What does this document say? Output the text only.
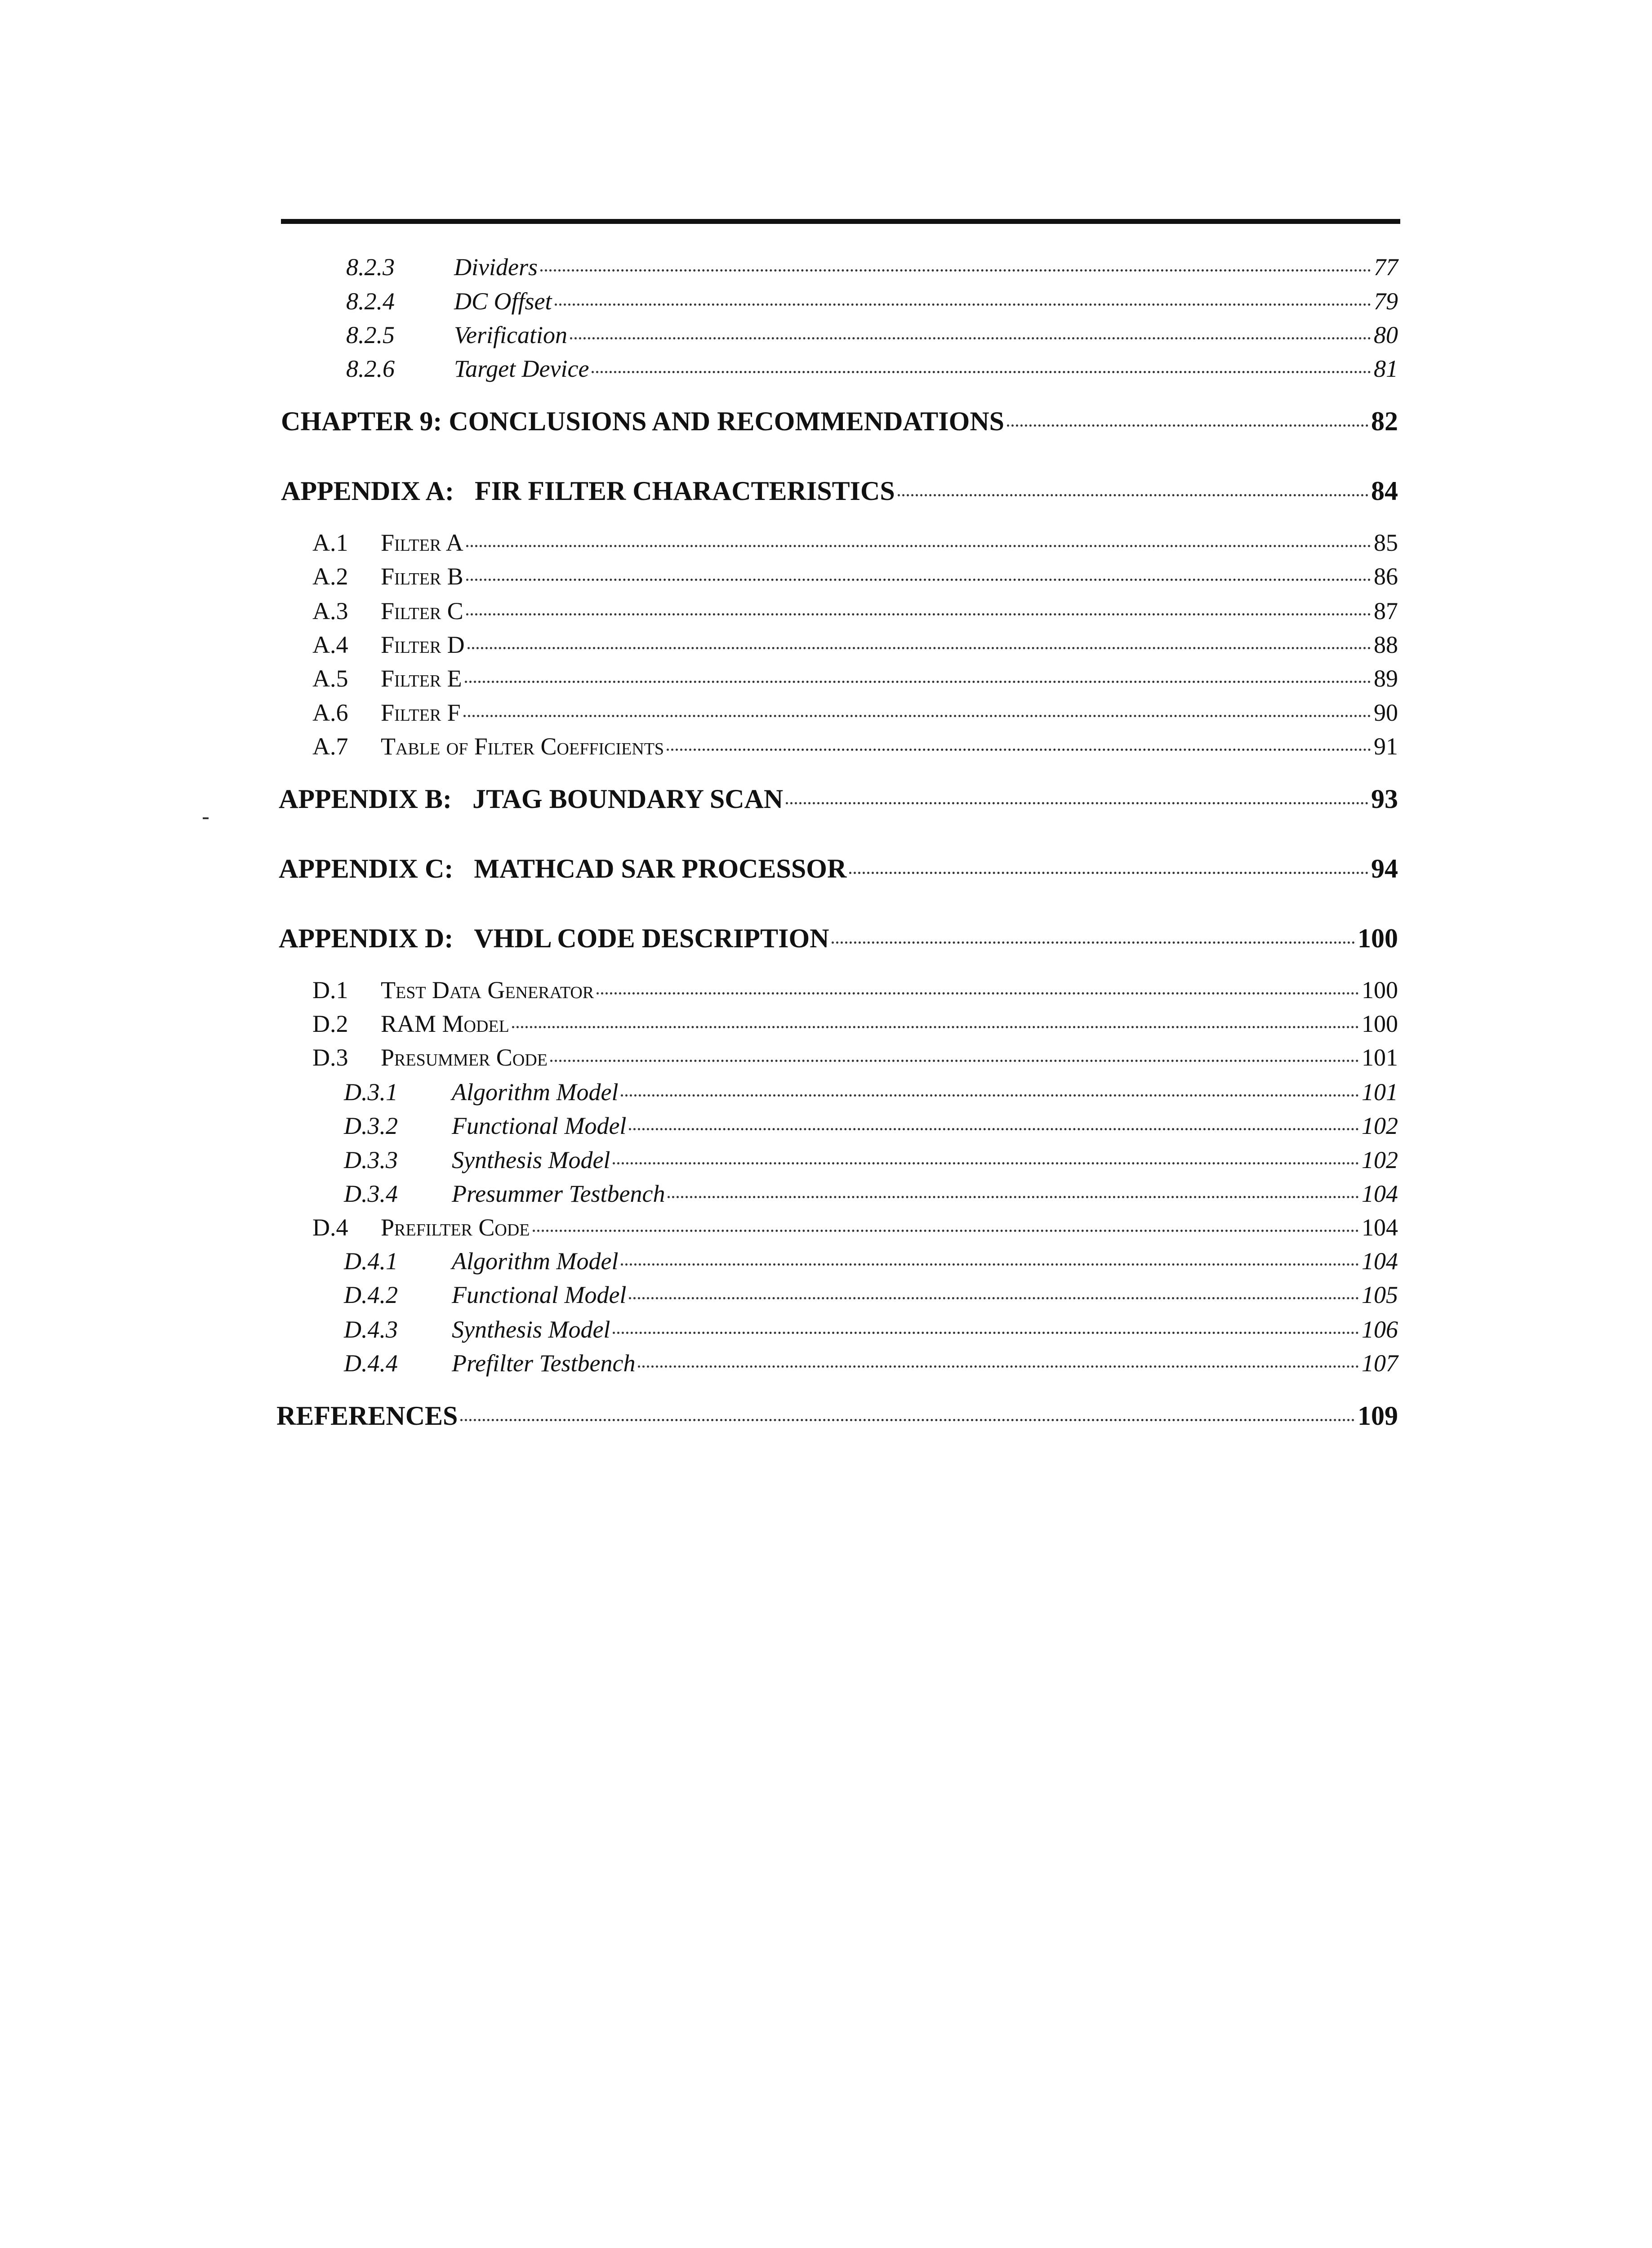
8.2.3	Dividers	77
8.2.4	DC Offset	79
8.2.5	Verification	80
8.2.6	Target Device	81
CHAPTER 9: CONCLUSIONS AND RECOMMENDATIONS	82
APPENDIX A: FIR FILTER CHARACTERISTICS	84
A.1	Filter A	85
A.2	Filter B	86
A.3	Filter C	87
A.4	Filter D	88
A.5	Filter E	89
A.6	Filter F	90
A.7	Table of Filter Coefficients	91
APPENDIX B: JTAG BOUNDARY SCAN	93
APPENDIX C: MATHCAD SAR PROCESSOR	94
APPENDIX D: VHDL CODE DESCRIPTION	100
D.1	Test Data Generator	100
D.2	RAM Model	100
D.3	Presummer Code	101
D.3.1	Algorithm Model	101
D.3.2	Functional Model	102
D.3.3	Synthesis Model	102
D.3.4	Presummer Testbench	104
D.4	Prefilter Code	104
D.4.1	Algorithm Model	104
D.4.2	Functional Model	105
D.4.3	Synthesis Model	106
D.4.4	Prefilter Testbench	107
REFERENCES	109
